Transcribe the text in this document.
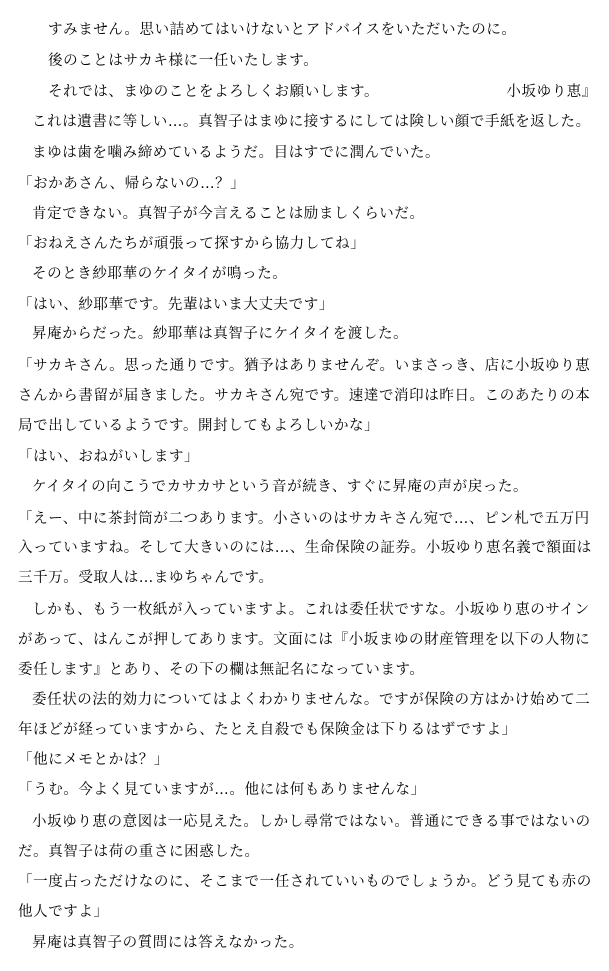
すみません。思い詰めてはいけないとアドバイスをいただいたのに。
後のことはサカキ様に一任いたします。
それでは、まゆのことをよろしくお願いします。	小坂ゆり恵』
これは遺書に等しい…。真智子はまゆに接するにしては険しい顔で手紙を返した。
まゆは歯を噛み締めているようだ。目はすでに潤んでいた。
「おかあさん、帰らないの…？」
肯定できない。真智子が今言えることは励ましくらいだ。
「おねえさんたちが頑張って探すから協力してね」
そのとき紗耶華のケイタイが鳴った。
「はい、紗耶華です。先輩はいま大丈夫です」
昇庵からだった。紗耶華は真智子にケイタイを渡した。
「サカキさん。思った通りです。猶予はありませんぞ。いまさっき、店に小坂ゆり恵
さんから書留が届きました。サカキさん宛です。速達で消印は昨日。このあたりの本
局で出しているようです。開封してもよろしいかな」
「はい、おねがいします」
ケイタイの向こうでカサカサという音が続き、すぐに昇庵の声が戻った。
「えー、中に茶封筒が二つあります。小さいのはサカキさん宛で…、ピン札で五万円
入っていますね。そして大きいのには…、生命保険の証券。小坂ゆり恵名義で額面は
三千万。受取人は…まゆちゃんです。
しかも、もう一枚紙が入っていますよ。これは委任状ですな。小坂ゆり恵のサイン
があって、はんこが押してあります。文面には『小坂まゆの財産管理を以下の人物に
委任します』とあり、その下の欄は無記名になっています。
委任状の法的効力についてはよくわかりませんな。ですが保険の方はかけ始めて二
年ほどが経っていますから、たとえ自殺でも保険金は下りるはずですよ」
「他にメモとかは？」
「うむ。今よく見ていますが…。他には何もありませんな」
小坂ゆり恵の意図は一応見えた。しかし尋常ではない。普通にできる事ではないの
だ。真智子は荷の重さに困惑した。
「一度占っただけなのに、そこまで一任されていいものでしょうか。どう見ても赤の
他人ですよ」
昇庵は真智子の質問には答えなかった。
